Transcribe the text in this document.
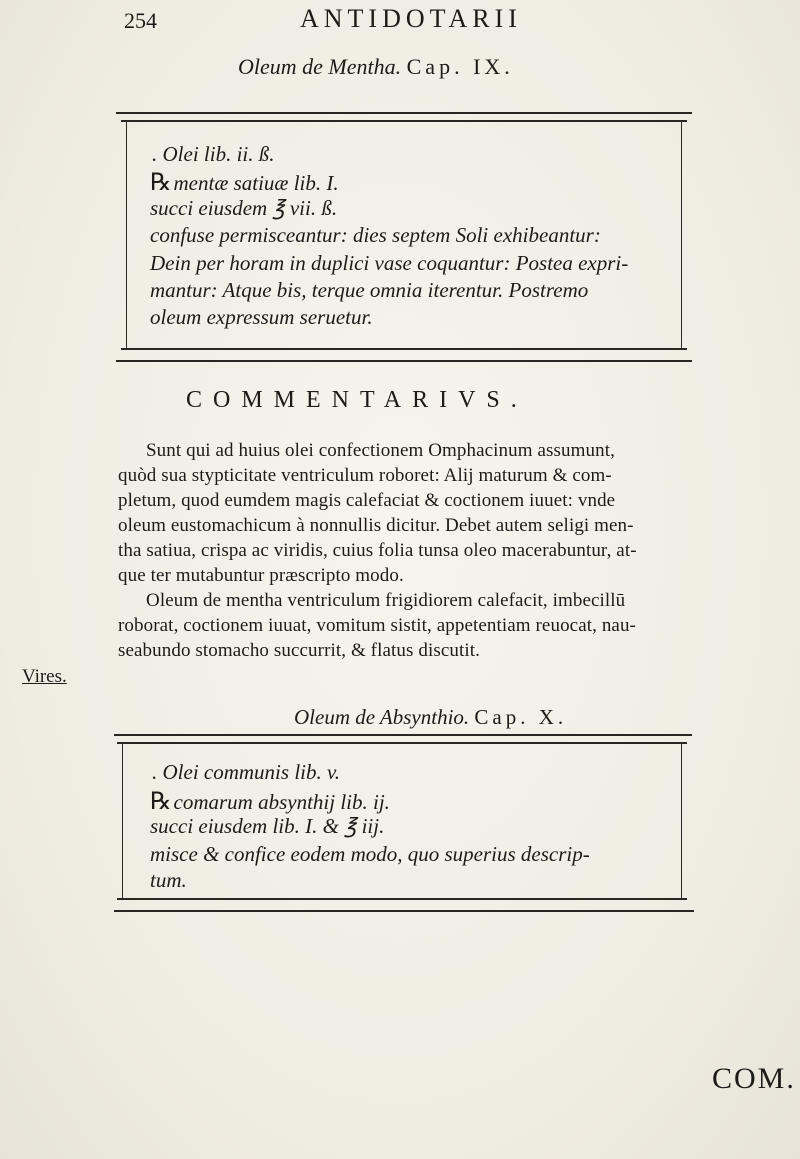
254	ANTIDOTARII
Oleum de Mentha. Cap. IX.
. Olei lib. ii. ß.
℞mentæ satiuæ lib. I.
succi eiusdem ℥ vii. ß.
confuse permisceantur: dies septem Soli exhibeantur:
Dein per horam in duplici vase coquantur: Postea expri-
mantur: Atque bis, terque omnia iterentur. Postremo
oleum expressum seruetur.
COMMENTARIVS.
Sunt qui ad huius olei confectionem Omphacinum assumunt,
quòd sua stypticitate ventriculum roboret: Alij maturum & com-
pletum, quod eumdem magis calefaciat & coctionem iuuet: vnde
oleum eustomachicum à nonnullis dicitur. Debet autem seligi men-
tha satiua, crispa ac viridis, cuius folia tunsa oleo macerabuntur, at-
que ter mutabuntur præscripto modo.
Oleum de mentha ventriculum frigidiorem calefacit, imbecillū
roborat, coctionem iuuat, vomitum sistit, appetentiam reuocat, nau-
seabundo stomacho succurrit, & flatus discutit.
Vires.
Oleum de Absynthio. Cap. X.
. Olei communis lib. v.
℞comarum absynthij lib. ij.
succi eiusdem lib. I. & ℥ iij.
misce & confice eodem modo, quo superius descrip-
tum.
COM.
